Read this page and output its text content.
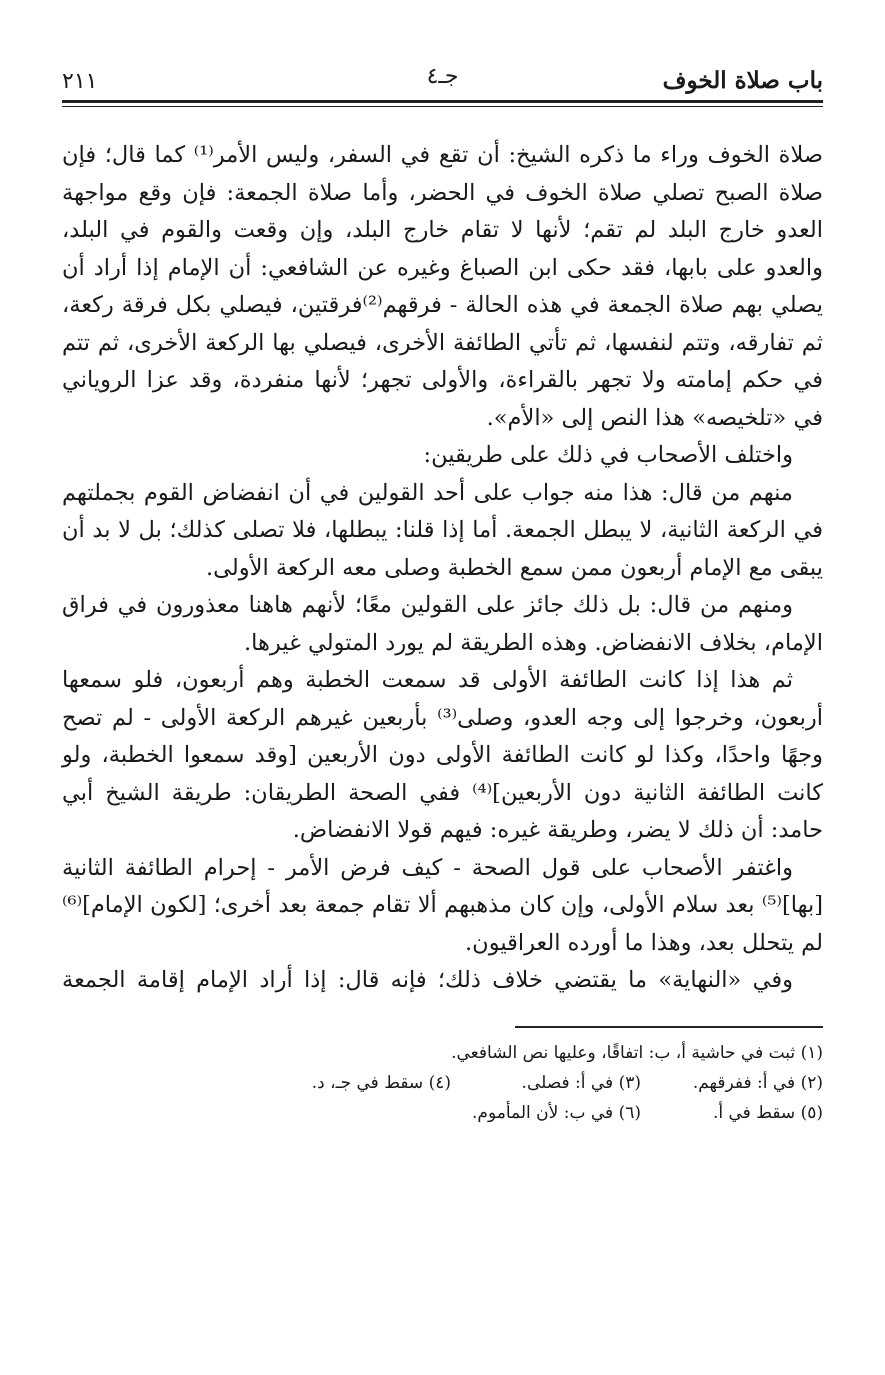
باب صلاة الخوف
جـ٤
٢١١

صلاة الخوف وراء ما ذكره الشيخ: أن تقع في السفر، وليس الأمر⁽¹⁾ كما قال؛ فإن صلاة الصبح تصلي صلاة الخوف في الحضر، وأما صلاة الجمعة: فإن وقع مواجهة العدو خارج البلد لم تقم؛ لأنها لا تقام خارج البلد، وإن وقعت والقوم في البلد، والعدو على بابها، فقد حكى ابن الصباغ وغيره عن الشافعي: أن الإمام إذا أراد أن يصلي بهم صلاة الجمعة في هذه الحالة - فرقهم⁽²⁾فرقتين، فيصلي بكل فرقة ركعة، ثم تفارقه، وتتم لنفسها، ثم تأتي الطائفة الأخرى، فيصلي بها الركعة الأخرى، ثم تتم في حكم إمامته ولا تجهر بالقراءة، والأولى تجهر؛ لأنها منفردة، وقد عزا الروياني في «تلخيصه» هذا النص إلى «الأم».

واختلف الأصحاب في ذلك على طريقين:

منهم من قال: هذا منه جواب على أحد القولين في أن انفضاض القوم بجملتهم في الركعة الثانية، لا يبطل الجمعة. أما إذا قلنا: يبطلها، فلا تصلى كذلك؛ بل لا بد أن يبقى مع الإمام أربعون ممن سمع الخطبة وصلى معه الركعة الأولى.

ومنهم من قال: بل ذلك جائز على القولين معًا؛ لأنهم هاهنا معذورون في فراق الإمام، بخلاف الانفضاض. وهذه الطريقة لم يورد المتولي غيرها.

ثم هذا إذا كانت الطائفة الأولى قد سمعت الخطبة وهم أربعون، فلو سمعها أربعون، وخرجوا إلى وجه العدو، وصلى⁽³⁾ بأربعين غيرهم الركعة الأولى - لم تصح وجهًا واحدًا، وكذا لو كانت الطائفة الأولى دون الأربعين [وقد سمعوا الخطبة، ولو كانت الطائفة الثانية دون الأربعين]⁽⁴⁾ ففي الصحة الطريقان: طريقة الشيخ أبي حامد: أن ذلك لا يضر، وطريقة غيره: فيهم قولا الانفضاض.

واغتفر الأصحاب على قول الصحة - كيف فرض الأمر - إحرام الطائفة الثانية [بها]⁽⁵⁾ بعد سلام الأولى، وإن كان مذهبهم ألا تقام جمعة بعد أخرى؛ [لكون الإمام]⁽⁶⁾ لم يتحلل بعد، وهذا ما أورده العراقيون.

وفي «النهاية» ما يقتضي خلاف ذلك؛ فإنه قال: إذا أراد الإمام إقامة الجمعة

(١) ثبت في حاشية أ، ب: اتفاقًا، وعليها نص الشافعي.
(٢) في أ: ففرقهم.
(٣) في أ: فصلى.
(٤) سقط في جـ، د.
(٥) سقط في أ.
(٦) في ب: لأن المأموم.
